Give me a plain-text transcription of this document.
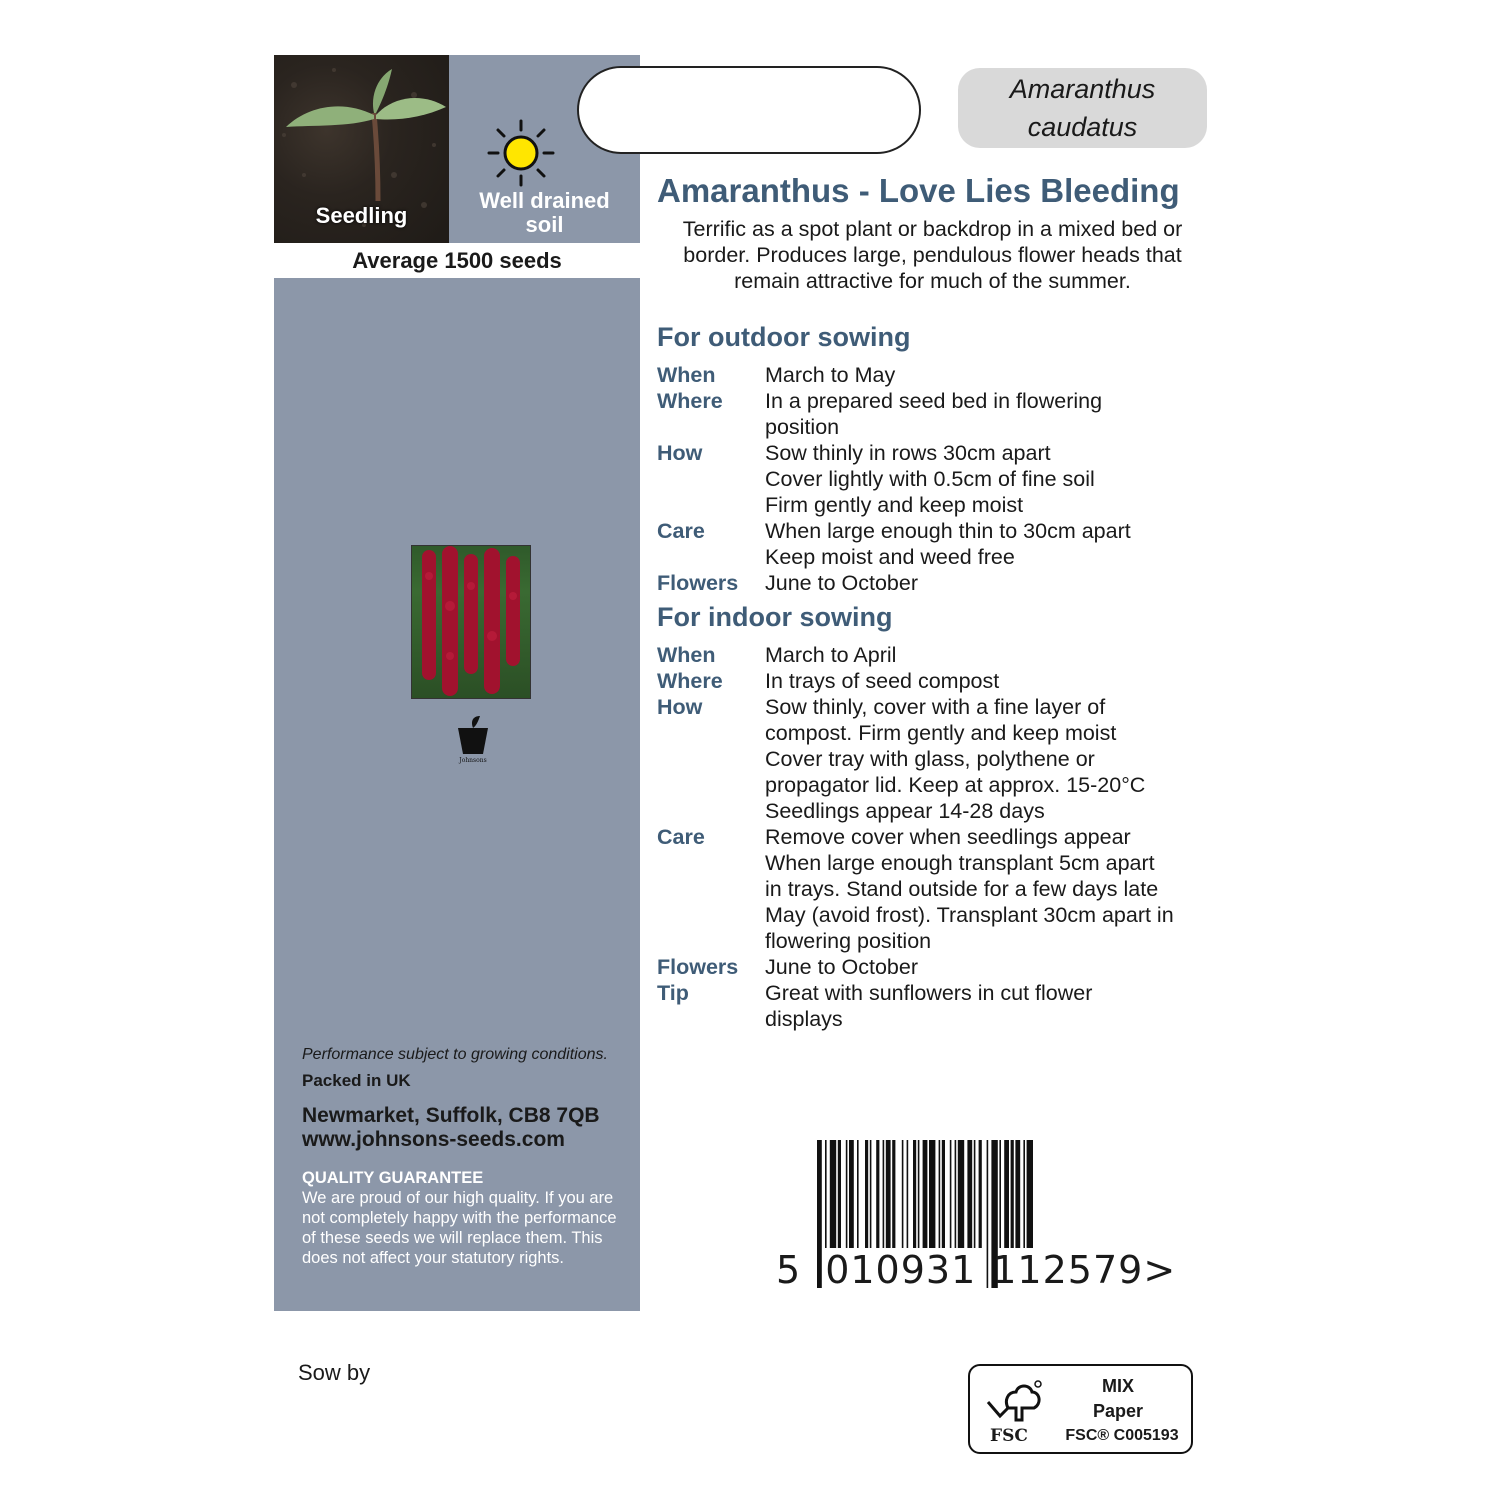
Seedling
Well drained
soil
Average 1500 seeds
Johnsons
Performance subject to growing conditions.
Packed in UK
Newmarket, Suffolk, CB8 7QB
www.johnsons-seeds.com
QUALITY GUARANTEE
We are proud of our high quality. If you are not completely happy with the performance of these seeds we will replace them. This does not affect your statutory rights.
Sow by
Amaranthus
caudatus
Amaranthus - Love Lies Bleeding
Terrific as a spot plant or backdrop in a mixed bed or border. Produces large, pendulous flower heads that remain attractive for much of the summer.
For outdoor sowing
When	March to May
Where	In a prepared seed bed in flowering
position
How	Sow thinly in rows 30cm apart
Cover lightly with 0.5cm of fine soil
Firm gently and keep moist
Care	When large enough thin to 30cm apart
Keep moist and weed free
Flowers	June to October
For indoor sowing
When	March to April
Where	In trays of seed compost
How	Sow thinly, cover with a fine layer of
compost. Firm gently and keep moist
Cover tray with glass, polythene or
propagator lid. Keep at approx. 15-20°C
Seedlings appear 14-28 days
Care	Remove cover when seedlings appear
When large enough transplant 5cm apart
in trays. Stand outside for a few days late
May (avoid frost). Transplant 30cm apart in
flowering position
Flowers	June to October
Tip	Great with sunflowers in cut flower
displays
5 010931 112579>
FSC
MIX
Paper
FSC® C005193
